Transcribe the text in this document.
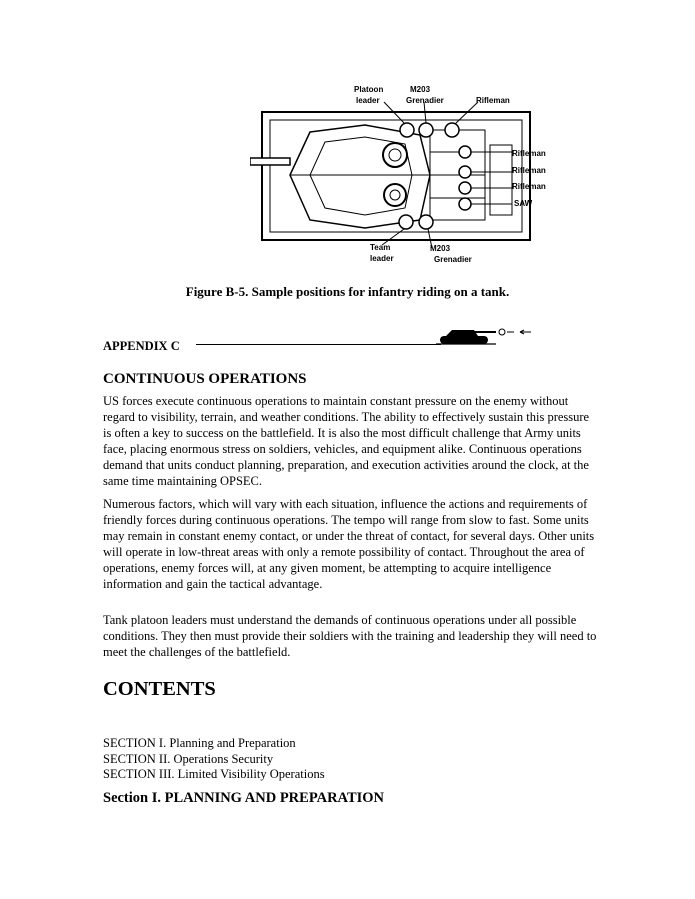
Platoon
leader
M203
Grenadier	Rifleman
Rifleman
Rifleman
Rifleman
SAW
Team
leader
M203
Grenadier
Figure B-5. Sample positions for infantry riding on a tank.
APPENDIX C
CONTINUOUS OPERATIONS

US forces execute continuous operations to maintain constant pressure on the enemy without regard to visibility, terrain, and weather conditions. The ability to effectively sustain this pressure is often a key to success on the battlefield. It is also the most difficult challenge that Army units face, placing enormous stress on soldiers, vehicles, and equipment alike. Continuous operations demand that units conduct planning, preparation, and execution activities around the clock, at the same time maintaining OPSEC.

Numerous factors, which will vary with each situation, influence the actions and requirements of friendly forces during continuous operations. The tempo will range from slow to fast. Some units may remain in constant enemy contact, or under the threat of contact, for several days. Other units will operate in low-threat areas with only a remote possibility of contact. Throughout the area of operations, enemy forces will, at any given moment, be attempting to acquire intelligence information and gain the tactical advantage.

Tank platoon leaders must understand the demands of continuous operations under all possible conditions. They then must provide their soldiers with the training and leadership they will need to meet the challenges of the battlefield.

CONTENTS
SECTION I. Planning and Preparation
SECTION II. Operations Security
SECTION III. Limited Visibility Operations
Section I. PLANNING AND PREPARATION
